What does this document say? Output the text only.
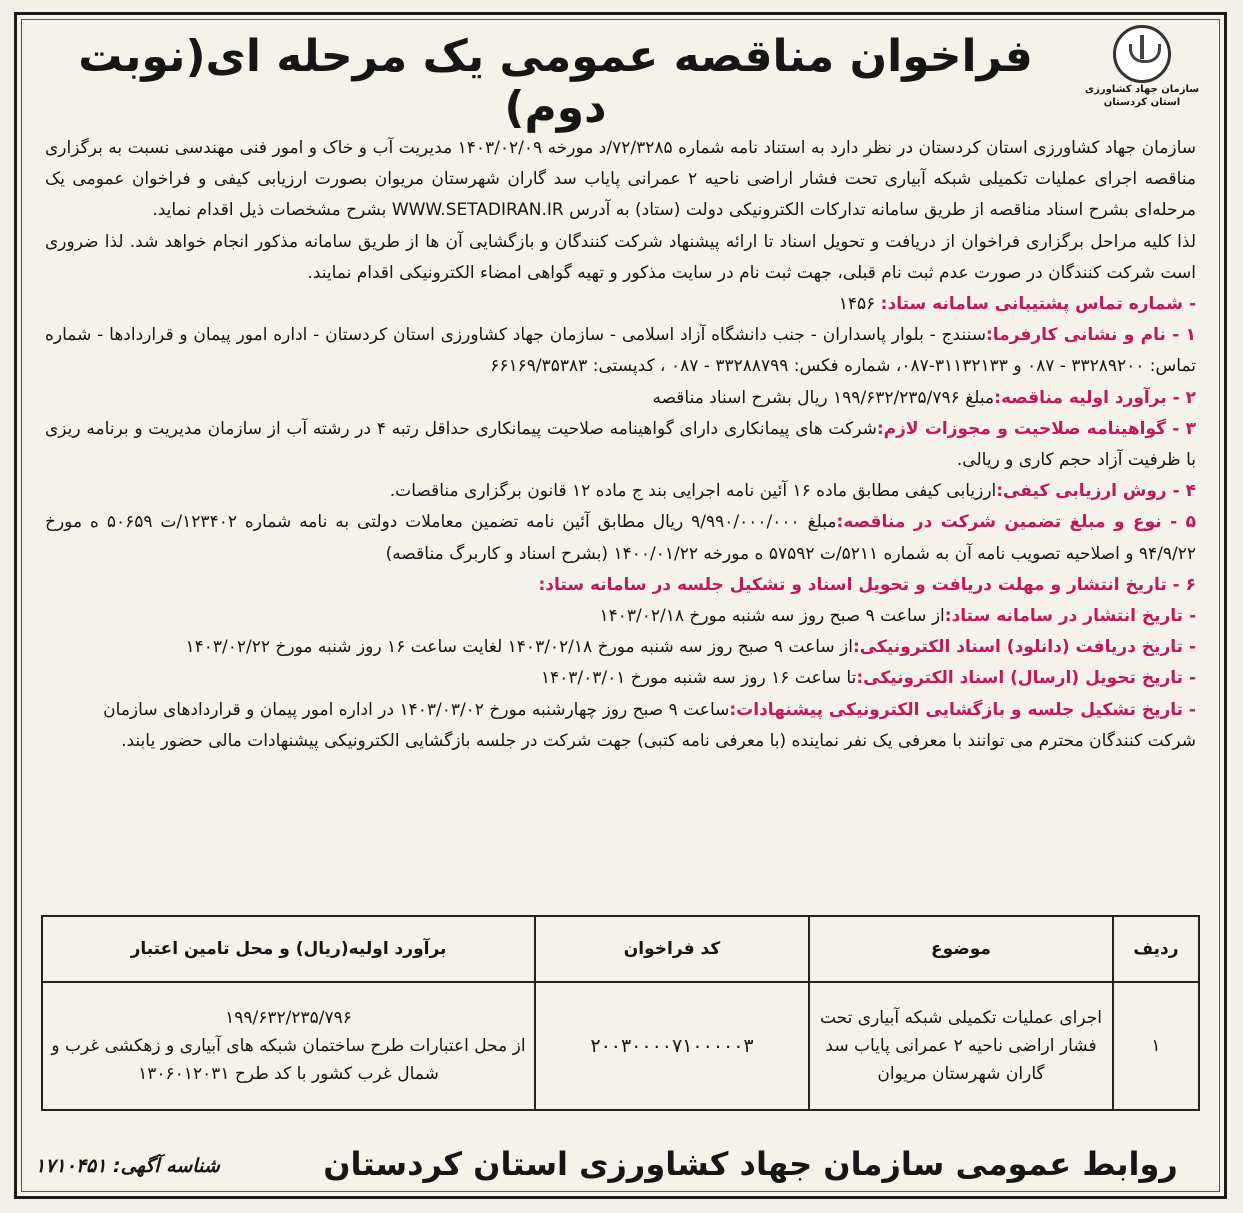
فراخوان مناقصه عمومی یک مرحله ای(نوبت دوم)	سازمان جهاد کشاورزی
استان کردستان

سازمان جهاد کشاورزی استان کردستان در نظر دارد به استناد نامه شماره ۷۲/۳۲۸۵/د مورخه ۱۴۰۳/۰۲/۰۹ مدیریت آب و خاک و امور فنی مهندسی نسبت به برگزاری مناقصه اجرای عملیات تکمیلی شبکه آبیاری تحت فشار اراضی ناحیه ۲ عمرانی پایاب سد گاران شهرستان مریوان بصورت ارزیابی کیفی و فراخوان عمومی یک مرحله‌ای بشرح اسناد مناقصه از طریق سامانه تدارکات الکترونیکی دولت (ستاد) به آدرس WWW.SETADIRAN.IR بشرح مشخصات ذیل اقدام نماید.

لذا کلیه مراحل برگزاری فراخوان از دریافت و تحویل اسناد تا ارائه پیشنهاد شرکت کنندگان و بازگشایی آن ها از طریق سامانه مذکور انجام خواهد شد. لذا ضروری است شرکت کنندگان در صورت عدم ثبت نام قبلی، جهت ثبت نام در سایت مذکور و تهیه گواهی امضاء الکترونیکی اقدام نمایند.

- شماره تماس پشتیبانی سامانه ستاد: ۱۴۵۶

۱ - نام و نشانی کارفرما:سنندج - بلوار پاسداران - جنب دانشگاه آزاد اسلامی - سازمان جهاد کشاورزی استان کردستان - اداره امور پیمان و قراردادها - شماره تماس: ۳۳۲۸۹۲۰۰ - ۰۸۷ و ۳۱۱۳۲۱۳۳-۰۸۷، شماره فکس: ۳۳۲۸۸۷۹۹ - ۰۸۷ ، کدپستی: ۶۶۱۶۹/۳۵۳۸۳

۲ - برآورد اولیه مناقصه:مبلغ ۱۹۹/۶۳۲/۲۳۵/۷۹۶ ریال بشرح اسناد مناقصه

۳ - گواهینامه صلاحیت و مجوزات لازم:شرکت های پیمانکاری دارای گواهینامه صلاحیت پیمانکاری حداقل رتبه ۴ در رشته آب از سازمان مدیریت و برنامه ریزی با ظرفیت آزاد حجم کاری و ریالی.

۴ - روش ارزیابی کیفی:ارزیابی کیفی مطابق ماده ۱۶ آئین نامه اجرایی بند ج ماده ۱۲ قانون برگزاری مناقصات.

۵ - نوع و مبلغ تضمین شرکت در مناقصه:مبلغ ۹/۹۹۰/۰۰۰/۰۰۰ ریال مطابق آئین نامه تضمین معاملات دولتی به نامه شماره ۱۲۳۴۰۲/ت ۵۰۶۵۹ ه مورخ ۹۴/۹/۲۲ و اصلاحیه تصویب نامه آن به شماره ۵۲۱۱/ت ۵۷۵۹۲ ه مورخه ۱۴۰۰/۰۱/۲۲ (بشرح اسناد و کاربرگ مناقصه)

۶ - تاریخ انتشار و مهلت دریافت و تحویل اسناد و تشکیل جلسه در سامانه ستاد:

- تاریخ انتشار در سامانه ستاد:از ساعت ۹ صبح روز سه شنبه مورخ ۱۴۰۳/۰۲/۱۸

- تاریخ دریافت (دانلود) اسناد الکترونیکی:از ساعت ۹ صبح روز سه شنبه مورخ ۱۴۰۳/۰۲/۱۸ لغایت ساعت ۱۶ روز شنبه مورخ ۱۴۰۳/۰۲/۲۲

- تاریخ تحویل (ارسال) اسناد الکترونیکی:تا ساعت ۱۶ روز سه شنبه مورخ ۱۴۰۳/۰۳/۰۱

- تاریخ تشکیل جلسه و بازگشایی الکترونیکی پیشنهادات:ساعت ۹ صبح روز چهارشنبه مورخ ۱۴۰۳/۰۳/۰۲ در اداره امور پیمان و قراردادهای سازمان

شرکت کنندگان محترم می توانند با معرفی یک نفر نماینده (با معرفی نامه کتبی) جهت شرکت در جلسه بازگشایی الکترونیکی پیشنهادات مالی حضور یابند.

ردیف	موضوع	کد فراخوان	برآورد اولیه(ریال) و محل تامین اعتبار
۱	اجرای عملیات تکمیلی شبکه آبیاری تحت فشار اراضی ناحیه ۲ عمرانی پایاب سد گاران شهرستان مریوان	۲۰۰۳۰۰۰۰۷۱۰۰۰۰۰۳	۱۹۹/۶۳۲/۲۳۵/۷۹۶
از محل اعتبارات طرح ساختمان شبکه های آبیاری و زهکشی غرب و شمال غرب کشور با کد طرح ۱۳۰۶۰۱۲۰۳۱
روابط عمومی سازمان جهاد کشاورزی استان کردستان
شناسه آگهی: ۱۷۱۰۴۵۱
